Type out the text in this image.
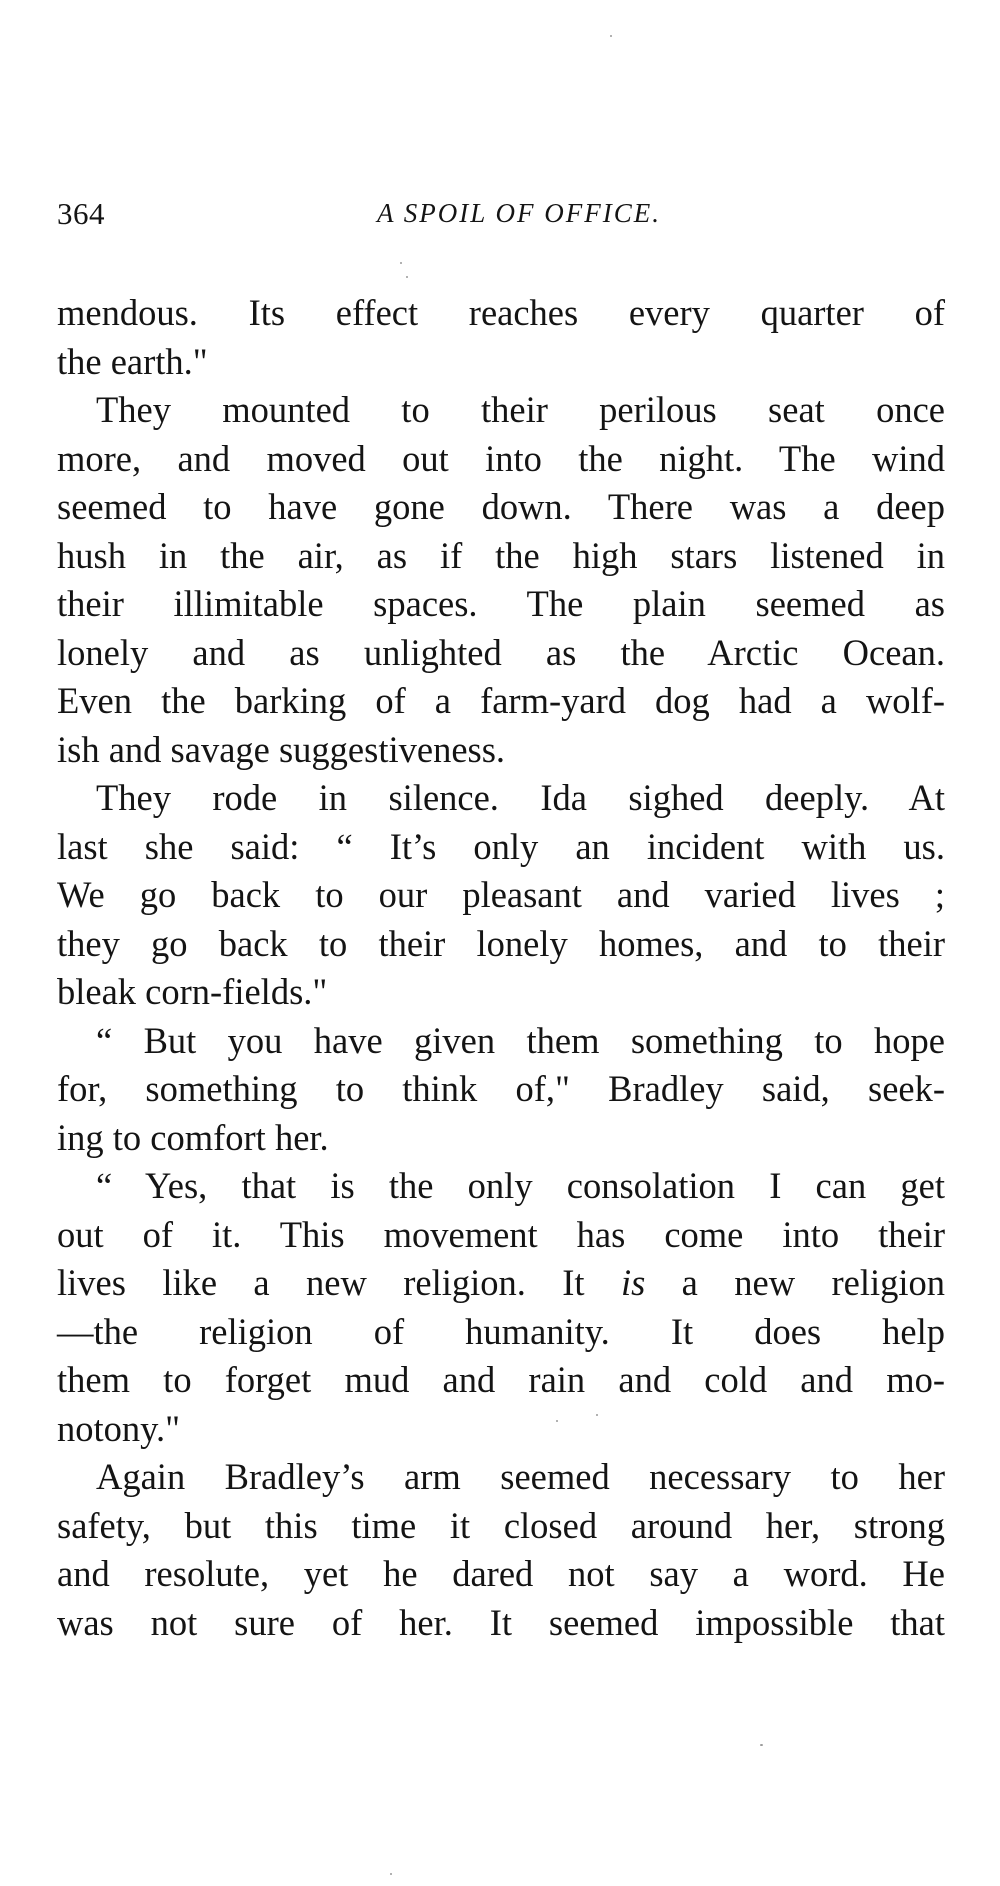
364	A SPOIL OF OFFICE.
mendous. Its effect reaches every quarter of
the earth."
They mounted to their perilous seat once
more, and moved out into the night. The wind
seemed to have gone down. There was a deep
hush in the air, as if the high stars listened in
their illimitable spaces. The plain seemed as
lonely and as unlighted as the Arctic Ocean.
Even the barking of a farm-yard dog had a wolf-
ish and savage suggestiveness.
They rode in silence. Ida sighed deeply. At
last she said: “ It’s only an incident with us.
We go back to our pleasant and varied lives ;
they go back to their lonely homes, and to their
bleak corn-fields."
“ But you have given them something to hope
for, something to think of," Bradley said, seek-
ing to comfort her.
“ Yes, that is the only consolation I can get
out of it. This movement has come into their
lives like a new religion. It is a new religion
—the religion of humanity. It does help
them to forget mud and rain and cold and mo-
notony."
Again Bradley’s arm seemed necessary to her
safety, but this time it closed around her, strong
and resolute, yet he dared not say a word. He
was not sure of her. It seemed impossible that
